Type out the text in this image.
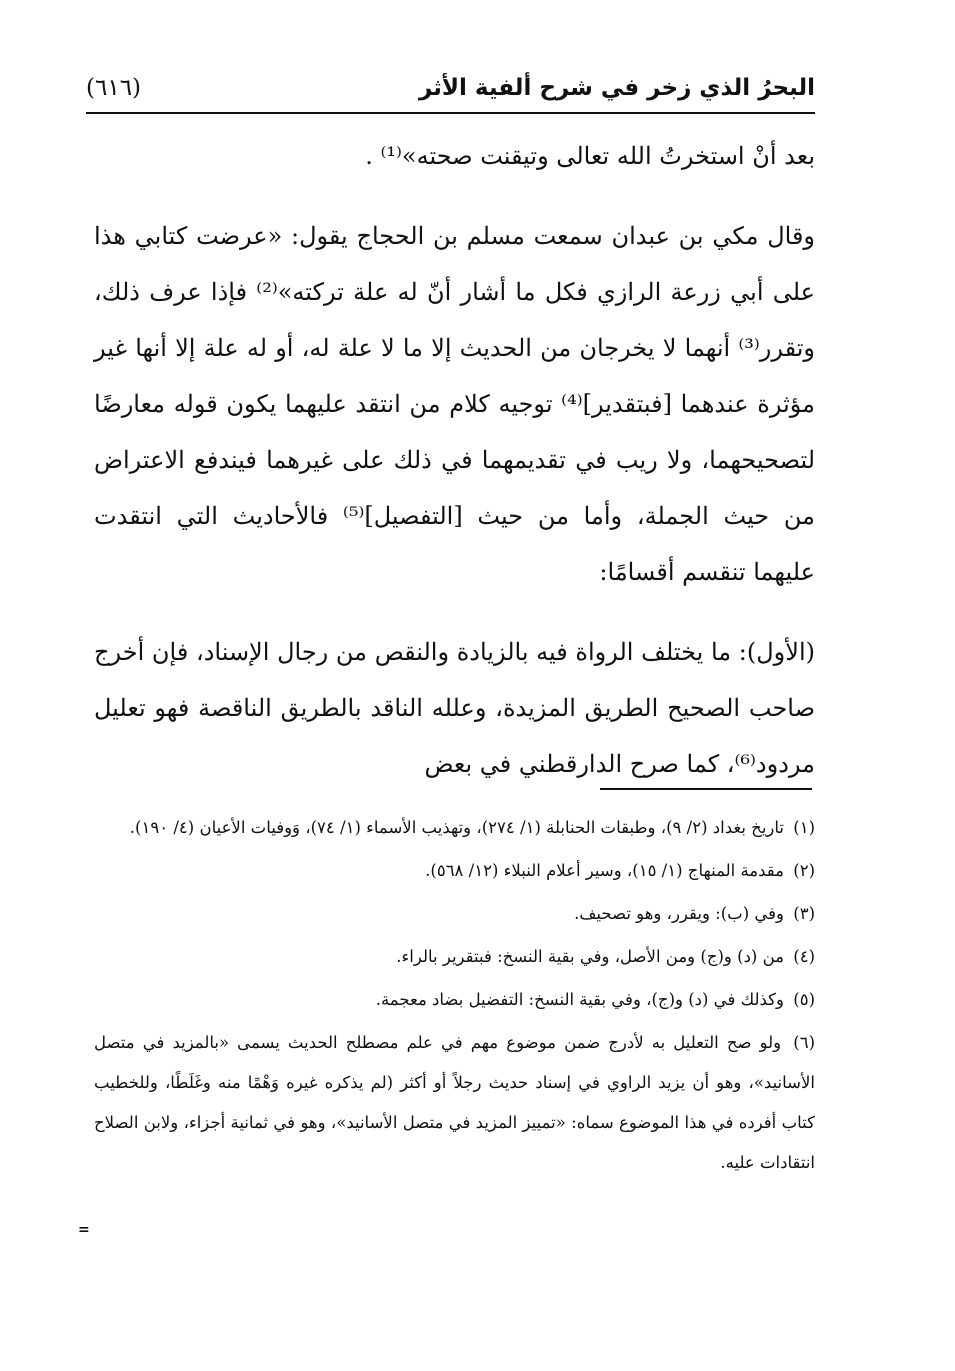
البحرُ الذي زخر في شرح ألفية الأثر
(٦١٦)

بعد أنْ استخرتُ الله تعالى وتيقنت صحته»⁽¹⁾ .

وقال مكي بن عبدان سمعت مسلم بن الحجاج يقول: «عرضت كتابي هذا على أبي زرعة الرازي فكل ما أشار أنّ له علة تركته»⁽²⁾ فإذا عرف ذلك، وتقرر⁽³⁾ أنهما لا يخرجان من الحديث إلا ما لا علة له، أو له علة إلا أنها غير مؤثرة عندهما [فبتقدير]⁽⁴⁾ توجيه كلام من انتقد عليهما يكون قوله معارضًا لتصحيحهما، ولا ريب في تقديمهما في ذلك على غيرهما فيندفع الاعتراض من حيث الجملة، وأما من حيث [التفصيل]⁽⁵⁾ فالأحاديث التي انتقدت عليهما تنقسم أقسامًا:

(الأول): ما يختلف الرواة فيه بالزيادة والنقص من رجال الإسناد، فإن أخرج صاحب الصحيح الطريق المزيدة، وعلله الناقد بالطريق الناقصة فهو تعليل مردود⁽⁶⁾، كما صرح الدارقطني في بعض

(١) تاريخ بغداد (٢/ ٩)، وطبقات الحنابلة (١/ ٢٧٤)، وتهذيب الأسماء (١/ ٧٤)، وَوفيات الأعيان (٤/ ١٩٠).
(٢) مقدمة المنهاج (١/ ١٥)، وسير أعلام النبلاء (١٢/ ٥٦٨).
(٣) وفي (ب): ويقرر، وهو تصحيف.
(٤) من (د) و(ج) ومن الأصل، وفي بقية النسخ: فبتقرير بالراء.
(٥) وكذلك في (د) و(ج)، وفي بقية النسخ: التفضيل بضاد معجمة.
(٦) ولو صح التعليل به لأدرج ضمن موضوع مهم في علم مصطلح الحديث يسمى «بالمزيد في متصل الأسانيد»، وهو أن يزيد الراوي في إسناد حديث رجلاً أو أكثر (لم يذكره غيره وَهْمًا منه وغَلَطًا، وللخطيب كتاب أفرده في هذا الموضوع سماه: «تمييز المزيد في متصل الأسانيد»، وهو في ثمانية أجزاء، ولابن الصلاح انتقادات عليه.
=
